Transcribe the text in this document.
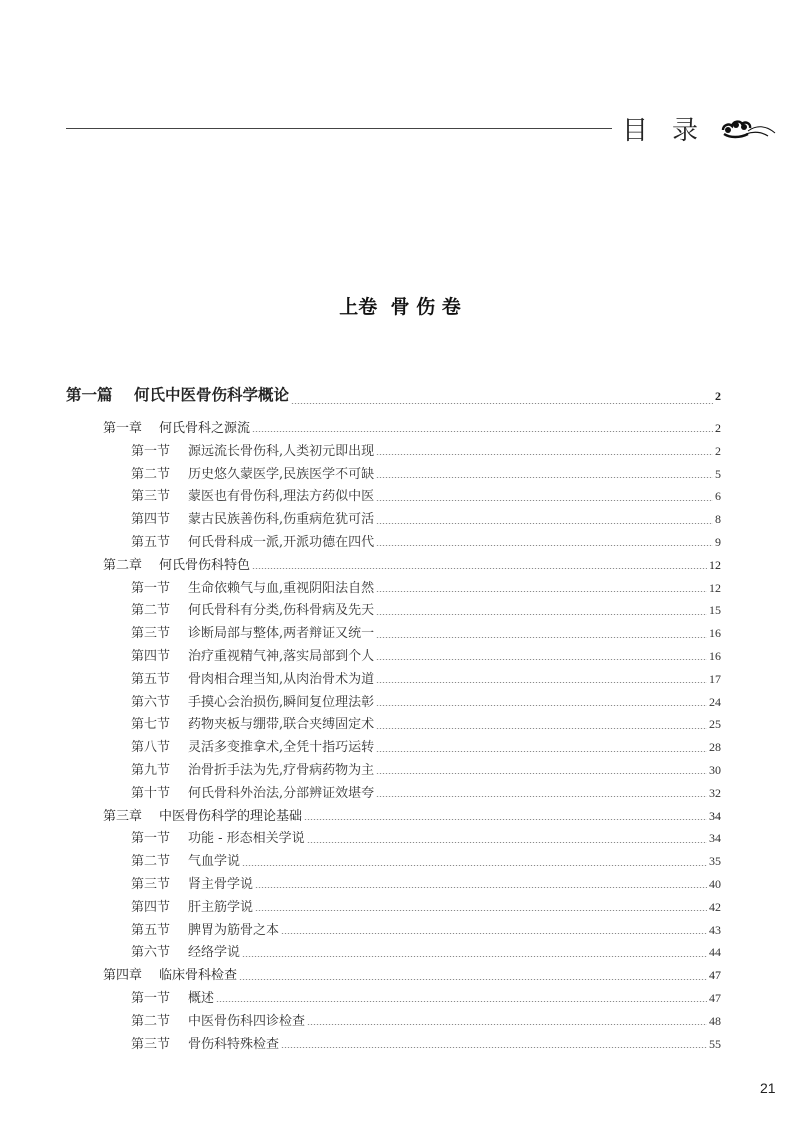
目录
上卷  骨 伤 卷
第一篇	何氏中医骨伤科学概论	2
第一章	何氏骨科之源流	2
第一节	源远流长骨伤科,人类初元即出现	2
第二节	历史悠久蒙医学,民族医学不可缺	5
第三节	蒙医也有骨伤科,理法方药似中医	6
第四节	蒙古民族善伤科,伤重病危犹可活	8
第五节	何氏骨科成一派,开派功德在四代	9
第二章	何氏骨伤科特色	12
第一节	生命依赖气与血,重视阴阳法自然	12
第二节	何氏骨科有分类,伤科骨病及先天	15
第三节	诊断局部与整体,两者辩证又统一	16
第四节	治疗重视精气神,落实局部到个人	16
第五节	骨肉相合理当知,从肉治骨术为道	17
第六节	手摸心会治损伤,瞬间复位理法彰	24
第七节	药物夹板与绷带,联合夹缚固定术	25
第八节	灵活多变推拿术,全凭十指巧运转	28
第九节	治骨折手法为先,疗骨病药物为主	30
第十节	何氏骨科外治法,分部辨证效堪夸	32
第三章	中医骨伤科学的理论基础	34
第一节	功能 - 形态相关学说	34
第二节	气血学说	35
第三节	肾主骨学说	40
第四节	肝主筋学说	42
第五节	脾胃为筋骨之本	43
第六节	经络学说	44
第四章	临床骨科检查	47
第一节	概述	47
第二节	中医骨伤科四诊检查	48
第三节	骨伤科特殊检查	55
21
